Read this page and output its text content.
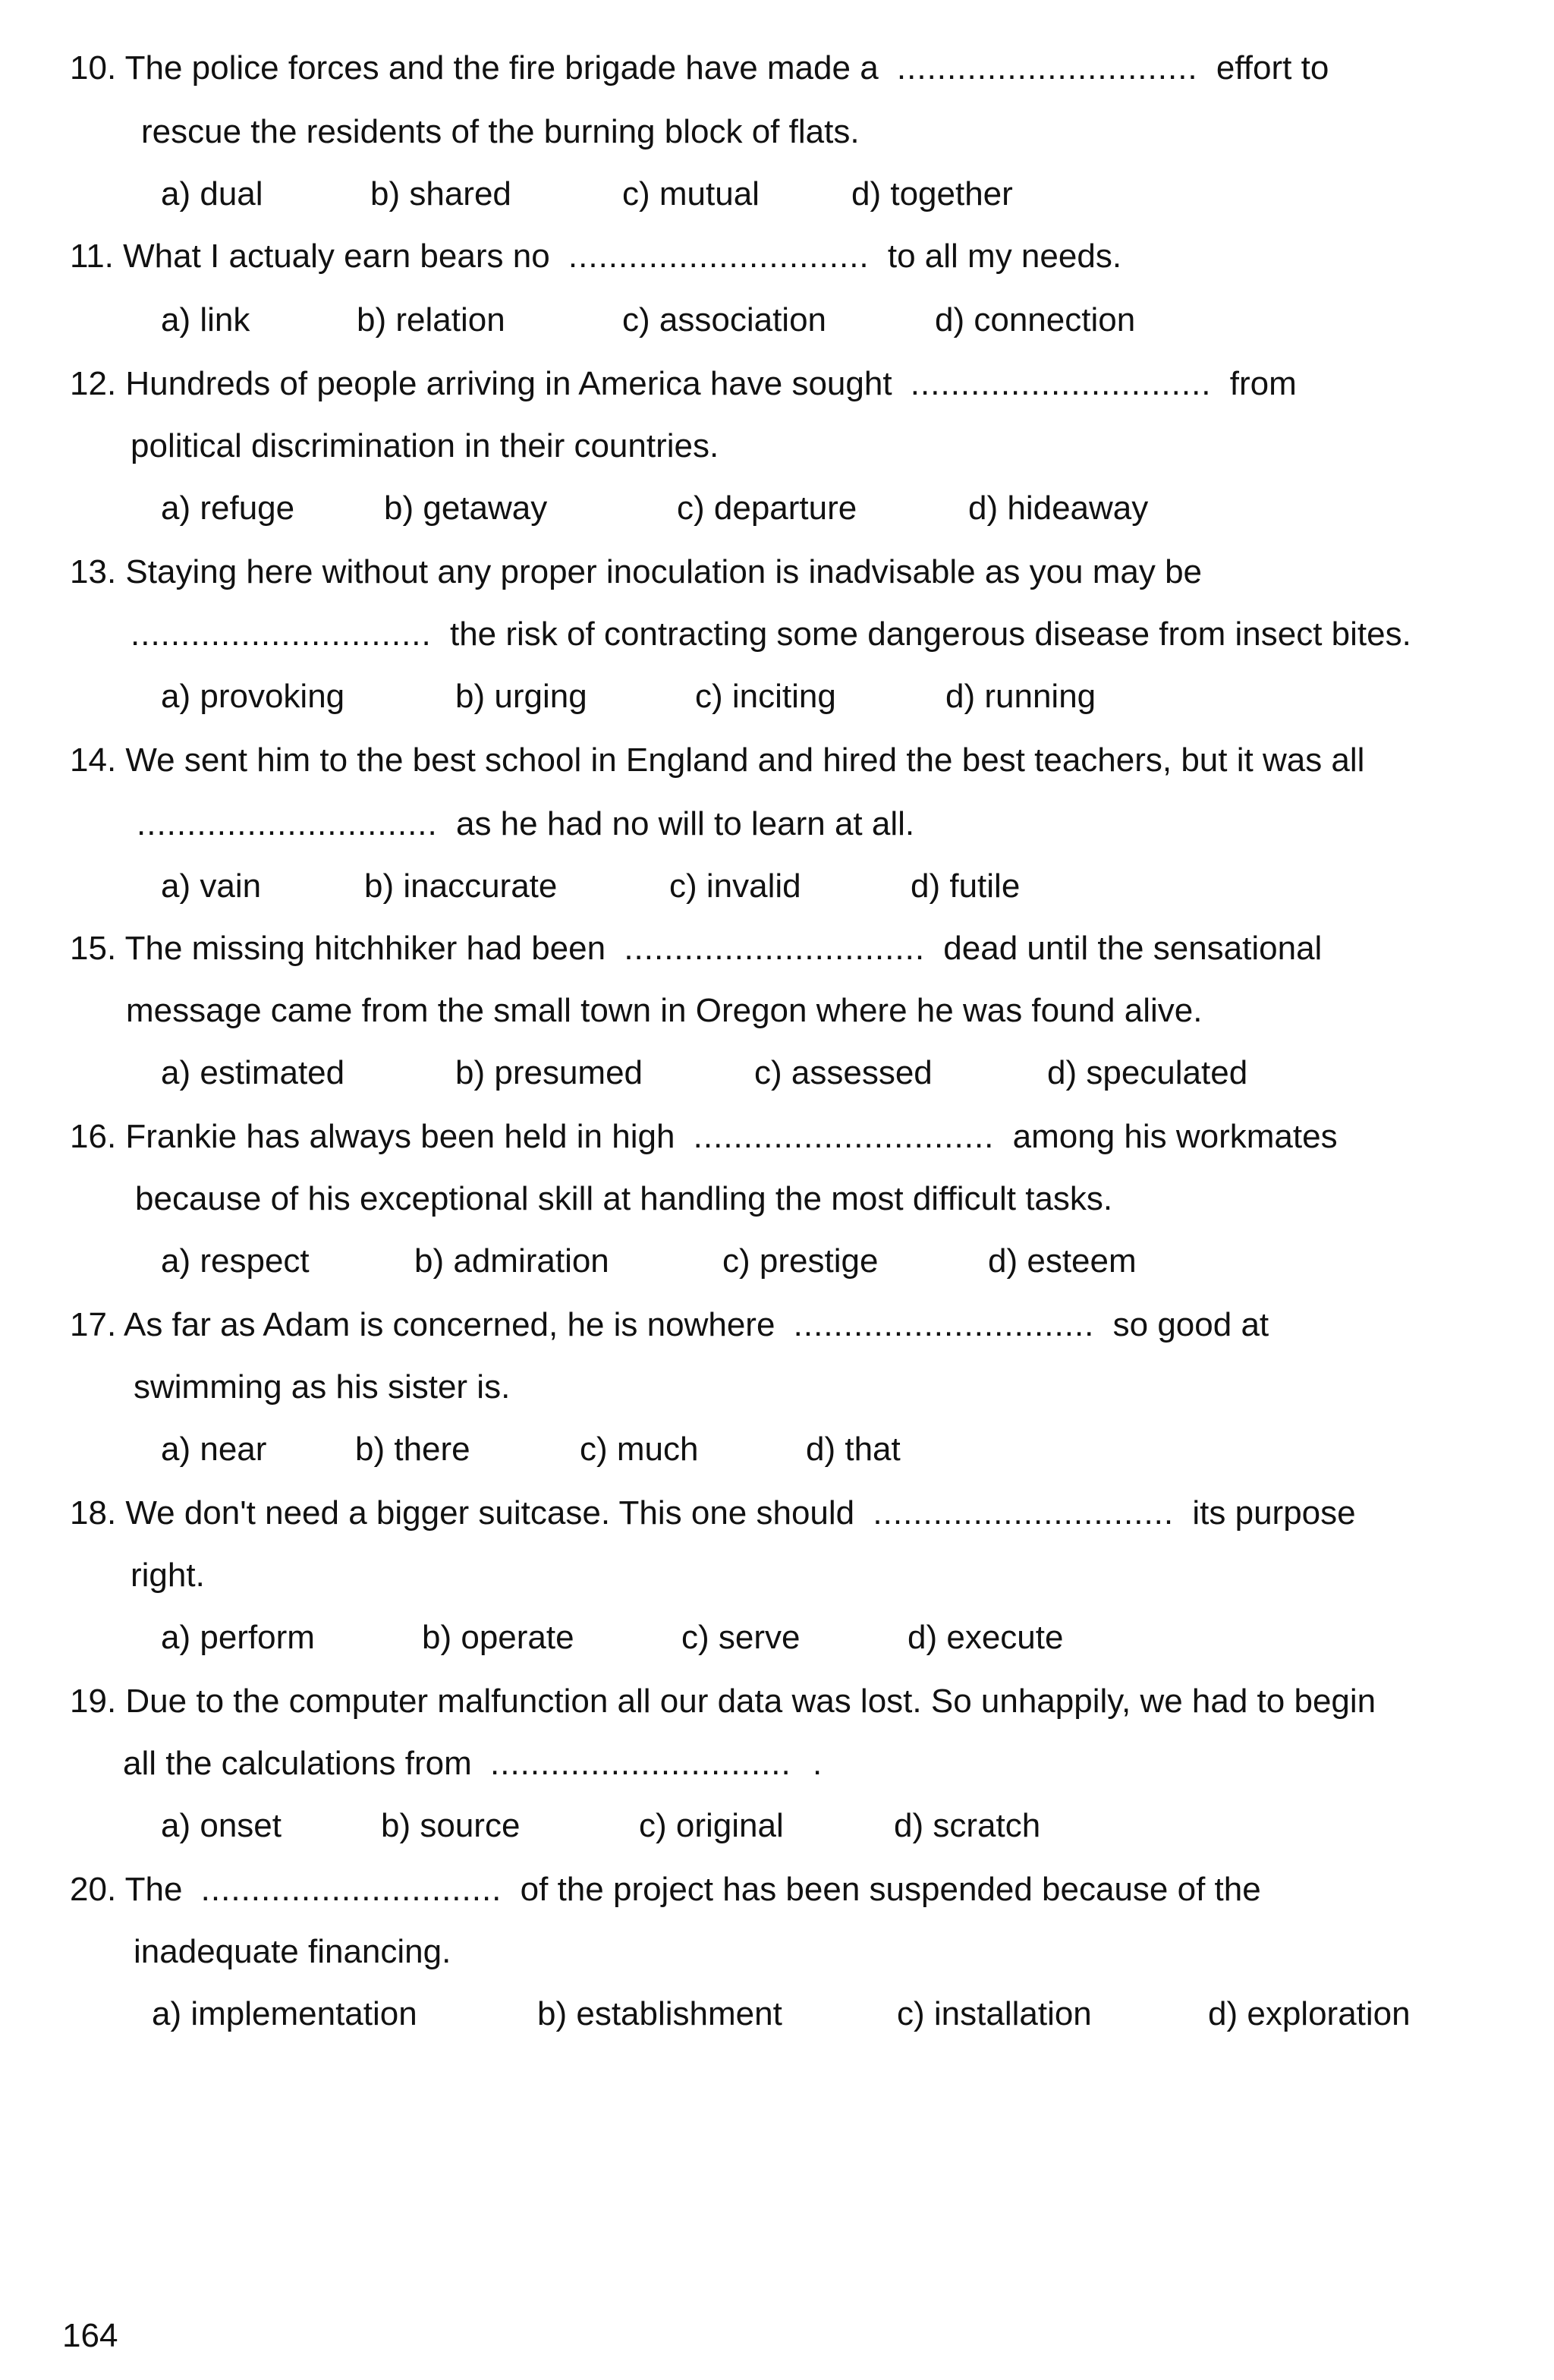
10. The police forces and the fire brigade have made a .............................. effort to
rescue the residents of the burning block of flats.
a) dual	b) shared	c) mutual	d) together
11. What I actualy earn bears no .............................. to all my needs.
a) link	b) relation	c) association	d) connection
12. Hundreds of people arriving in America have sought .............................. from
political discrimination in their countries.
a) refuge	b) getaway	c) departure	d) hideaway
13. Staying here without any proper inoculation is inadvisable as you may be
.............................. the risk of contracting some dangerous disease from insect bites.
a) provoking	b) urging	c) inciting	d) running
14. We sent him to the best school in England and hired the best teachers, but it was all
.............................. as he had no will to learn at all.
a) vain	b) inaccurate	c) invalid	d) futile
15. The missing hitchhiker had been .............................. dead until the sensational
message came from the small town in Oregon where he was found alive.
a) estimated	b) presumed	c) assessed	d) speculated
16. Frankie has always been held in high .............................. among his workmates
because of his exceptional skill at handling the most difficult tasks.
a) respect	b) admiration	c) prestige	d) esteem
17. As far as Adam is concerned, he is nowhere .............................. so good at
swimming as his sister is.
a) near	b) there	c) much	d) that
18. We don't need a bigger suitcase. This one should .............................. its purpose
right.
a) perform	b) operate	c) serve	d) execute
19. Due to the computer malfunction all our data was lost. So unhappily, we had to begin
all the calculations from .............................. .
a) onset	b) source	c) original	d) scratch
20. The .............................. of the project has been suspended because of the
inadequate financing.
a) implementation	b) establishment	c) installation	d) exploration
164
